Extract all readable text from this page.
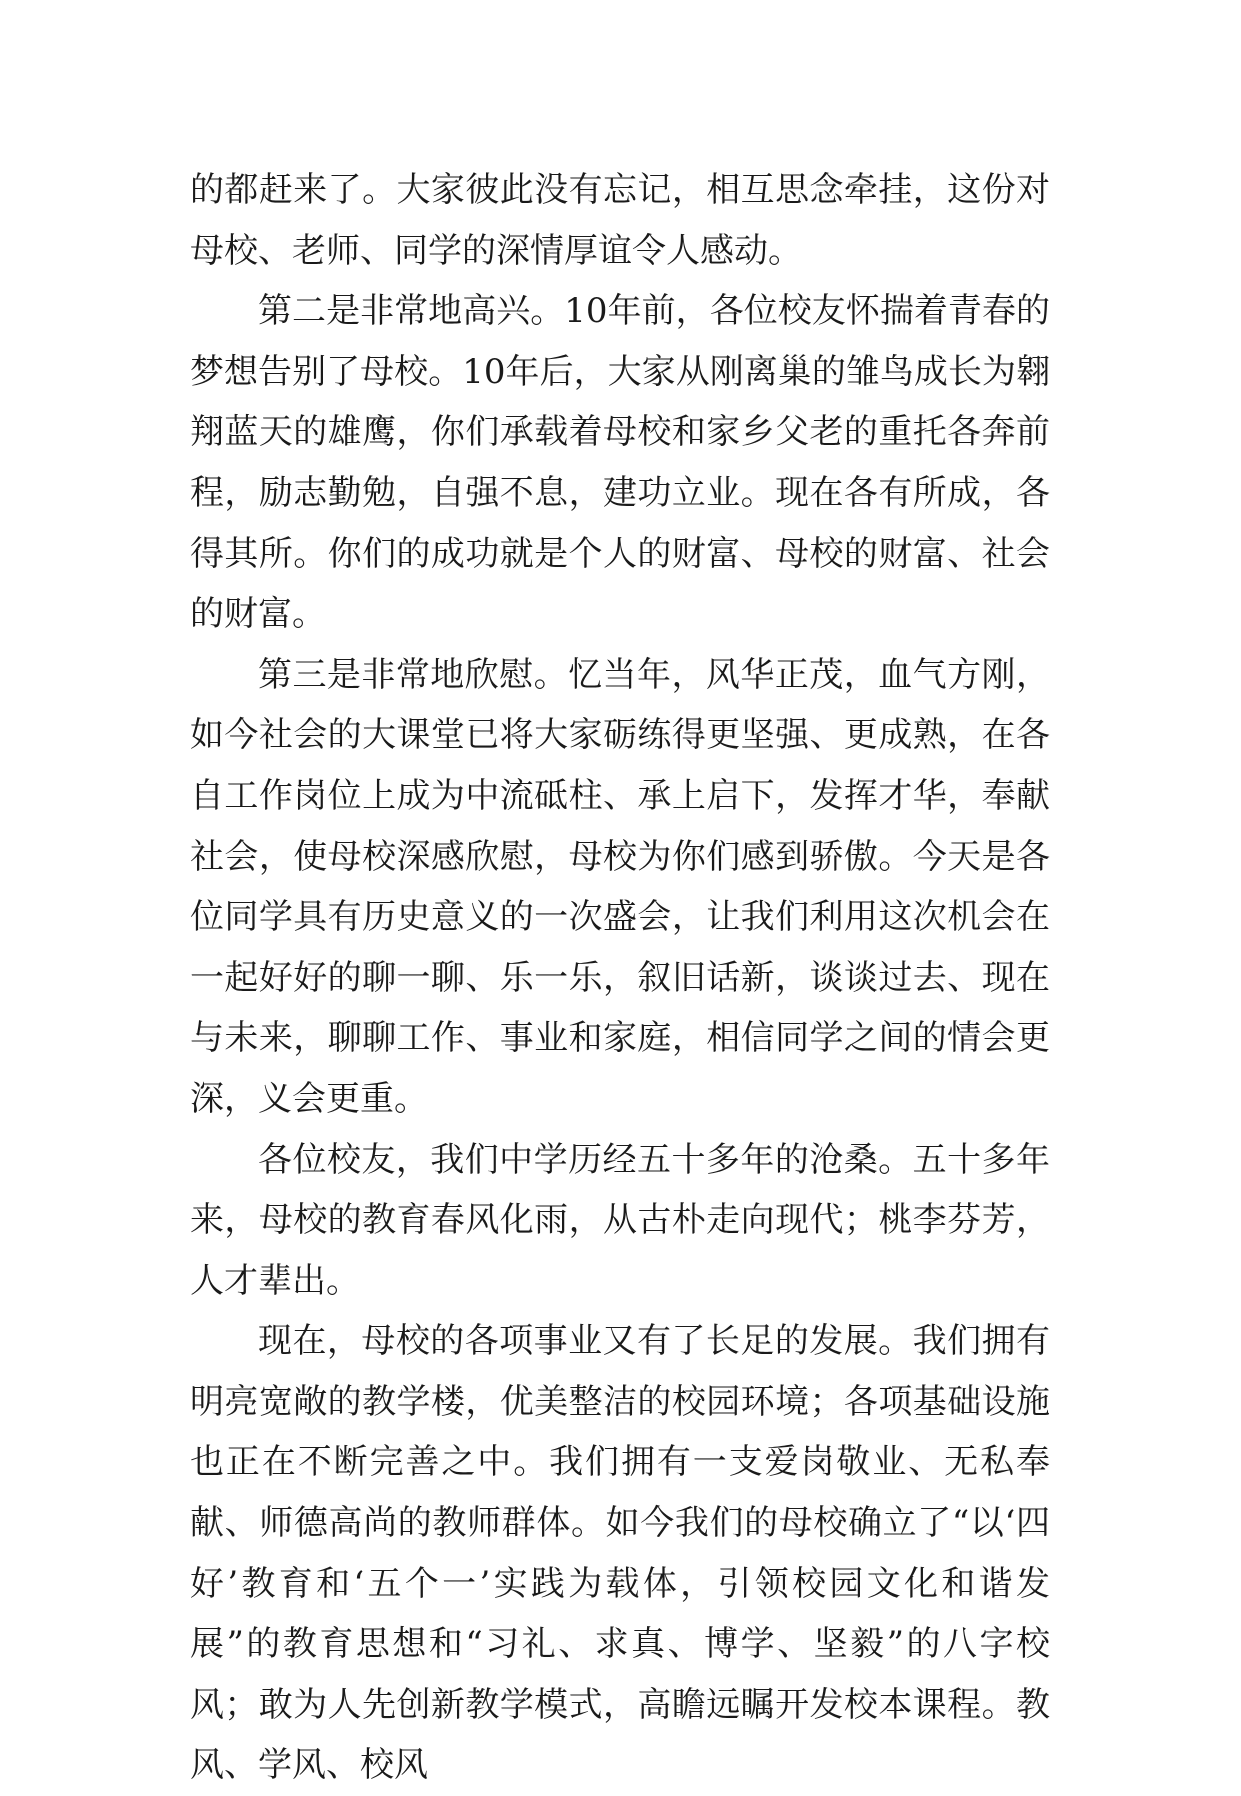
的都赶来了。大家彼此没有忘记，相互思念牵挂，这份对母校、老师、同学的深情厚谊令人感动。

第二是非常地高兴。10年前，各位校友怀揣着青春的梦想告别了母校。10年后，大家从刚离巢的雏鸟成长为翱翔蓝天的雄鹰，你们承载着母校和家乡父老的重托各奔前程，励志勤勉，自强不息，建功立业。现在各有所成，各得其所。你们的成功就是个人的财富、母校的财富、社会的财富。

第三是非常地欣慰。忆当年，风华正茂，血气方刚，如今社会的大课堂已将大家砺练得更坚强、更成熟，在各自工作岗位上成为中流砥柱、承上启下，发挥才华，奉献社会，使母校深感欣慰，母校为你们感到骄傲。今天是各位同学具有历史意义的一次盛会，让我们利用这次机会在一起好好的聊一聊、乐一乐，叙旧话新，谈谈过去、现在与未来，聊聊工作、事业和家庭，相信同学之间的情会更深，义会更重。

各位校友，我们中学历经五十多年的沧桑。五十多年来，母校的教育春风化雨，从古朴走向现代；桃李芬芳，人才辈出。

现在，母校的各项事业又有了长足的发展。我们拥有明亮宽敞的教学楼，优美整洁的校园环境；各项基础设施也正在不断完善之中。我们拥有一支爱岗敬业、无私奉献、师德高尚的教师群体。如今我们的母校确立了“以‘四好’教育和‘五个一’实践为载体，引领校园文化和谐发展”的教育思想和“习礼、求真、博学、坚毅”的八字校风；敢为人先创新教学模式，高瞻远瞩开发校本课程。教风、学风、校风
